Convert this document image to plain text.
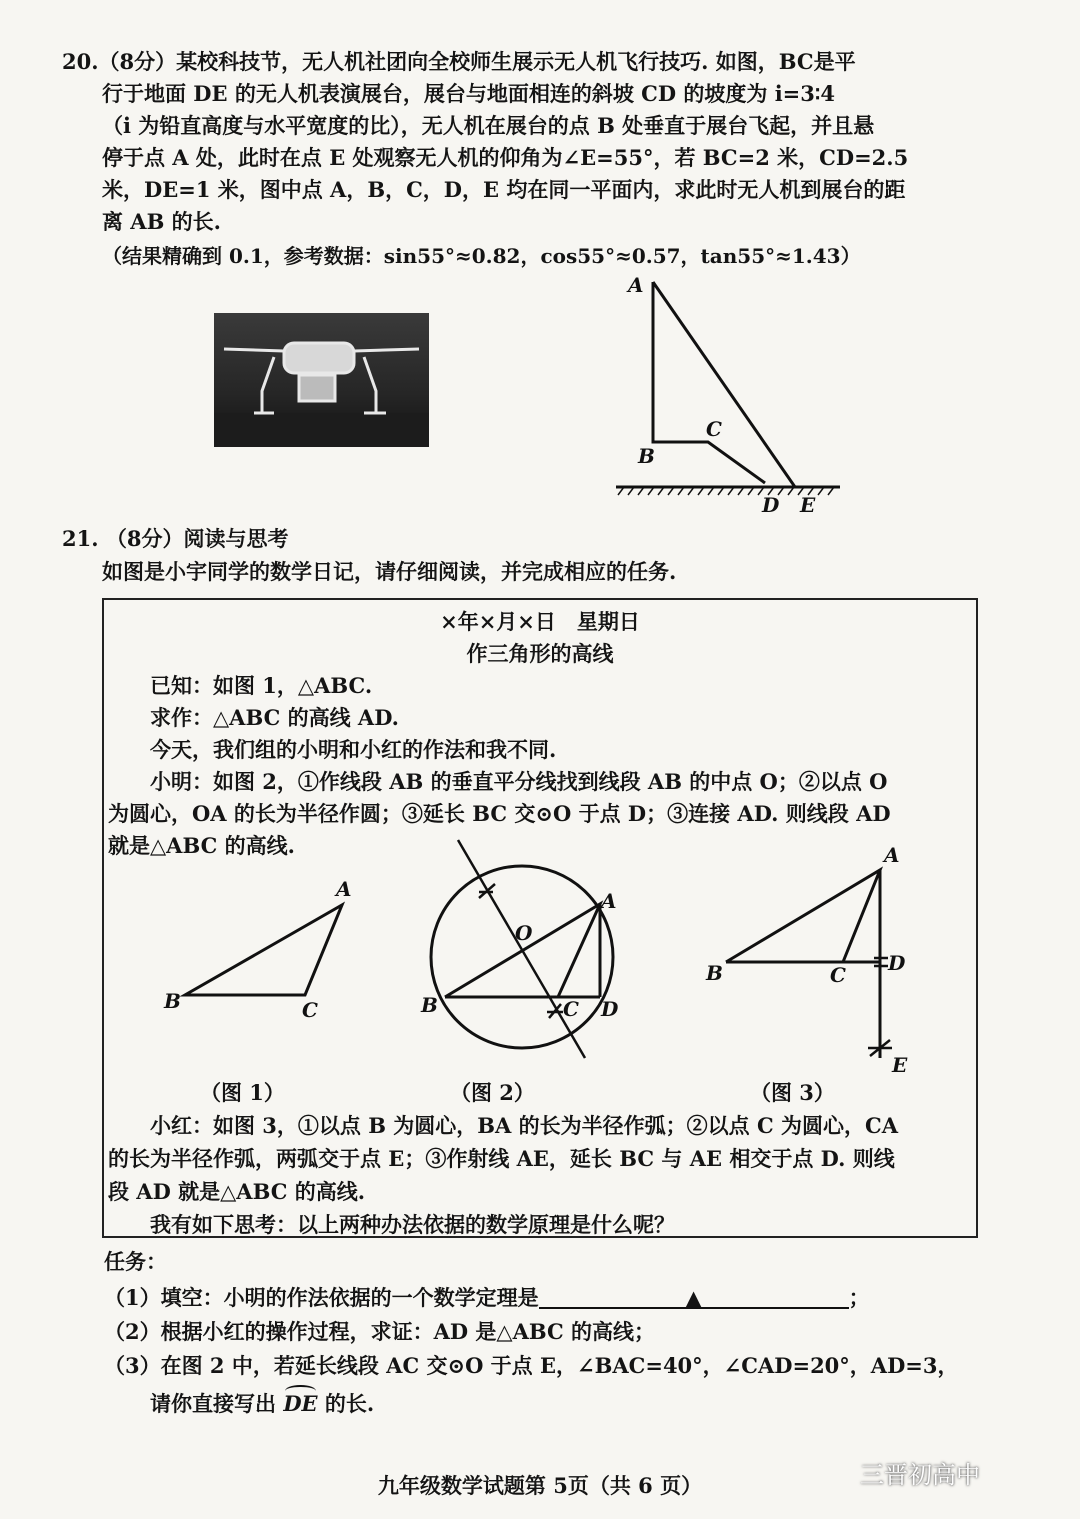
20.（8分）某校科技节，无人机社团向全校师生展示无人机飞行技巧. 如图，BC是平
行于地面 DE 的无人机表演展台，展台与地面相连的斜坡 CD 的坡度为 i=3∶4
（i 为铅直高度与水平宽度的比），无人机在展台的点 B 处垂直于展台飞起，并且悬
停于点 A 处，此时在点 E 处观察无人机的仰角为∠E=55°，若 BC=2 米，CD=2.5
米，DE=1 米，图中点 A，B，C，D，E 均在同一平面内，求此时无人机到展台的距
离 AB 的长.
（结果精确到 0.1，参考数据：sin55°≈0.82，cos55°≈0.57，tan55°≈1.43）
A
B
C
D E
21. （8分）阅读与思考
如图是小宇同学的数学日记，请仔细阅读，并完成相应的任务.
×年×月×日　星期日
作三角形的高线
已知：如图 1，△ABC.
求作：△ABC 的高线 AD.
今天，我们组的小明和小红的作法和我不同.
小明：如图 2，①作线段 AB 的垂直平分线找到线段 AB 的中点 O；②以点 O
为圆心，OA 的长为半径作圆；③延长 BC 交⊙O 于点 D；③连接 AD. 则线段 AD
就是△ABC 的高线.
B	C
A
O
A
B	C D
A
B	C D
E
（图 1）	（图 2）	（图 3）
小红：如图 3，①以点 B 为圆心，BA 的长为半径作弧；②以点 C 为圆心，CA
的长为半径作弧，两弧交于点 E；③作射线 AE，延长 BC 与 AE 相交于点 D. 则线
段 AD 就是△ABC 的高线.
我有如下思考：以上两种办法依据的数学原理是什么呢？
任务：
（1）填空：小明的作法依据的一个数学定理是	▲	；
（2）根据小红的操作过程，求证：AD 是△ABC 的高线；
（3）在图 2 中，若延长线段 AC 交⊙O 于点 E，∠BAC=40°，∠CAD=20°，AD=3，
请你直接写出 DE 的长.
九年级数学试题第 5页（共 6 页）	三晋初高中
